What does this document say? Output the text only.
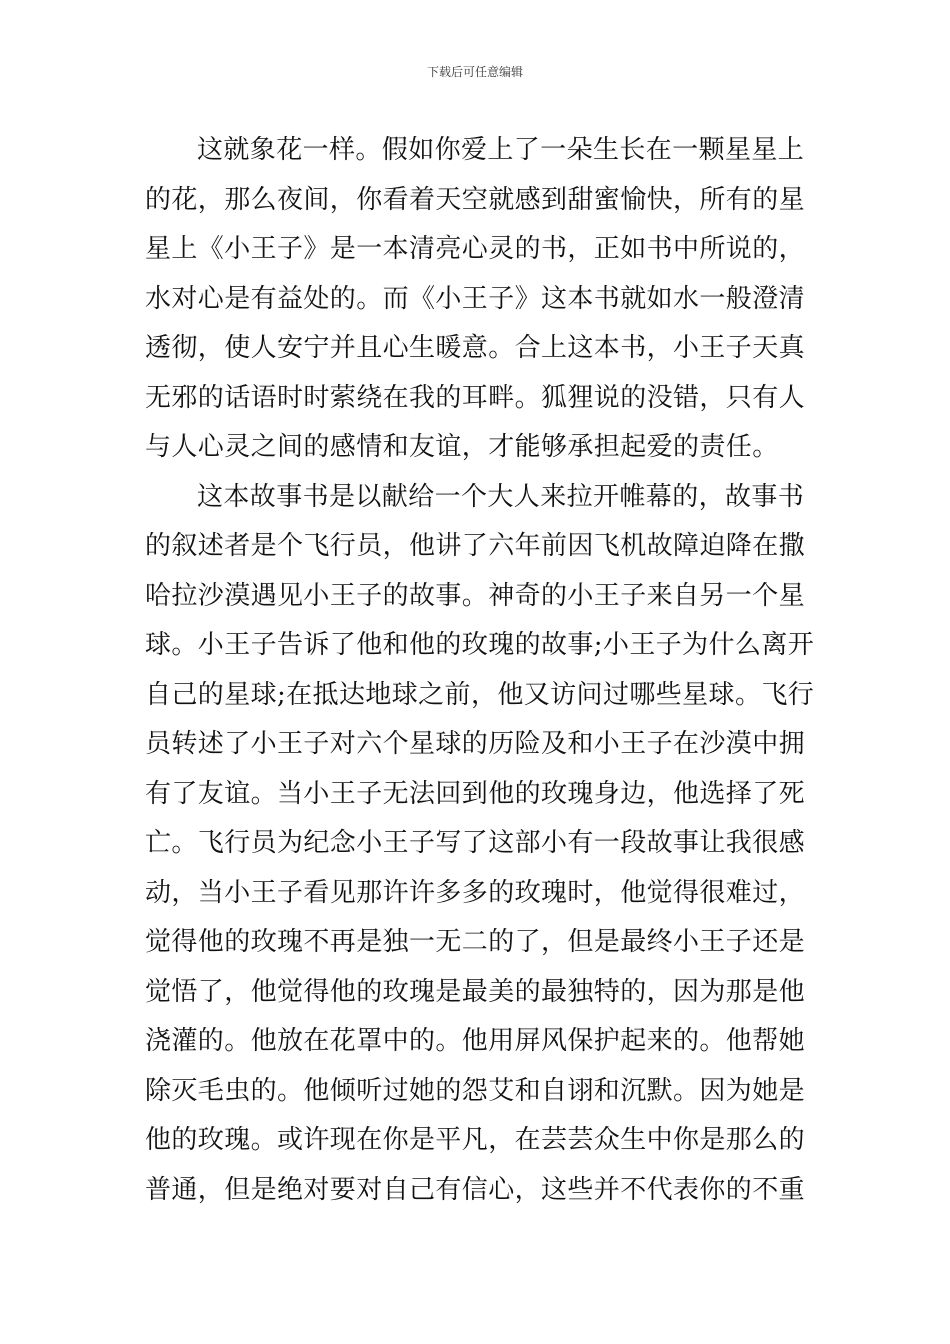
下载后可任意编辑
这就象花一样。假如你爱上了一朵生长在一颗星星上
的花，那么夜间，你看着天空就感到甜蜜愉快，所有的星
星上《小王子》是一本清亮心灵的书，正如书中所说的，
水对心是有益处的。而《小王子》这本书就如水一般澄清
透彻，使人安宁并且心生暖意。合上这本书，小王子天真
无邪的话语时时萦绕在我的耳畔。狐狸说的没错，只有人
与人心灵之间的感情和友谊，才能够承担起爱的责任。
这本故事书是以献给一个大人来拉开帷幕的，故事书
的叙述者是个飞行员，他讲了六年前因飞机故障迫降在撒
哈拉沙漠遇见小王子的故事。神奇的小王子来自另一个星
球。小王子告诉了他和他的玫瑰的故事;小王子为什么离开
自己的星球;在抵达地球之前，他又访问过哪些星球。飞行
员转述了小王子对六个星球的历险及和小王子在沙漠中拥
有了友谊。当小王子无法回到他的玫瑰身边，他选择了死
亡。飞行员为纪念小王子写了这部小有一段故事让我很感
动，当小王子看见那许许多多的玫瑰时，他觉得很难过，
觉得他的玫瑰不再是独一无二的了，但是最终小王子还是
觉悟了，他觉得他的玫瑰是最美的最独特的，因为那是他
浇灌的。他放在花罩中的。他用屏风保护起来的。他帮她
除灭毛虫的。他倾听过她的怨艾和自诩和沉默。因为她是
他的玫瑰。或许现在你是平凡，在芸芸众生中你是那么的
普通，但是绝对要对自己有信心，这些并不代表你的不重
